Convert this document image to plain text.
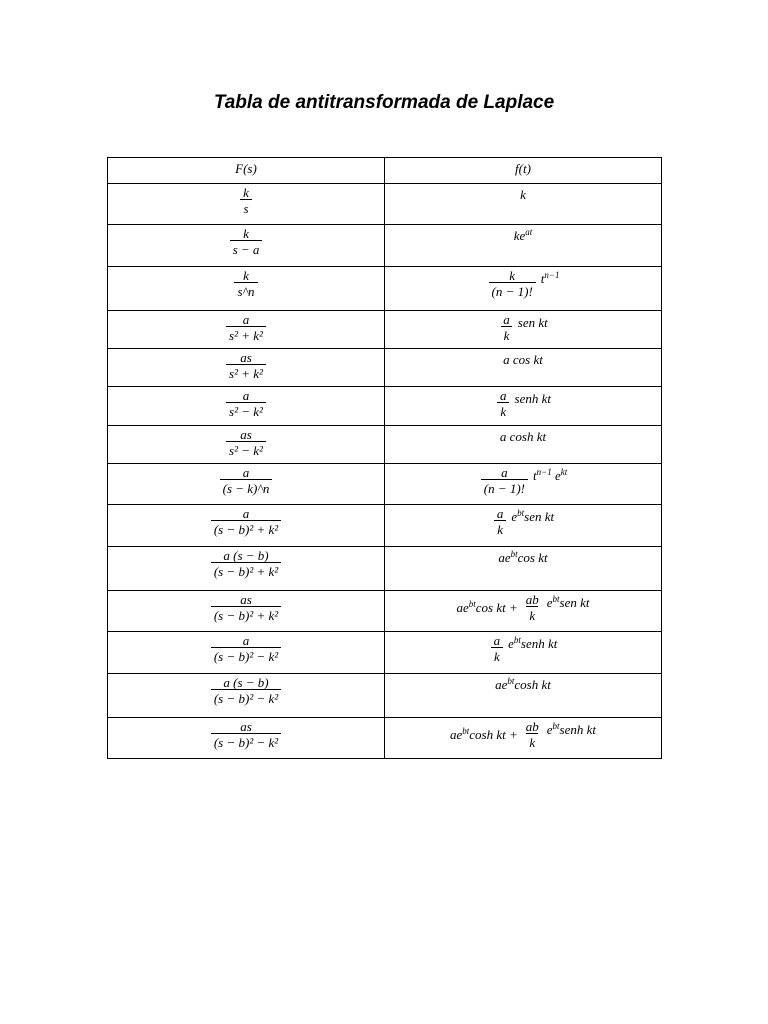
Tabla de antitransformada de Laplace
F(s)	f(t)

$\frac{k}{s}$	k

$\frac{k}{s - a}$	$ke^{at}$

$\frac{k}{s\^{}n}$	$\frac{k}{(n - 1)!} t^{n-1}$

$\frac{a}{\text{s² + k²}}$	$\frac{a}{k}$ sen kt

$\frac{as}{\text{s² + k²}}$	a cos kt

$\frac{a}{\text{s² − k²}}$	$\frac{a}{k}$ senh kt

$\frac{as}{\text{s² − k²}}$	a cosh kt

$\frac{a}{(s - k)\^{}n}$	$\frac{a}{(n - 1)!} t^{n-1}$ $e^{kt}$

$\frac{a}{\text{(s − b)² + k²}}$	$\frac{a}{k} e^{bt}sen$ kt

$\frac{a (s - b)}{\text{(s − b)² + k²}}$	$ae^{bt}\cos$ kt

$\frac{as}{\text{(s − b)² + k²}}$	$ae^{bt}\cos$ kt + $\frac{ab}{k} e^{bt}sen$ kt

$\frac{a}{\text{(s − b)² − k²}}$	$\frac{a}{k}$ $e^{bt}senh$ kt

$\frac{a (s - b)}{\text{(s − b)² − k²}}$	$ae^{bt}\cosh$ kt

$\frac{as}{\text{(s − b)² − k²}}$	$ae^{bt}\cosh$ kt + $\frac{ab}{k}$ $e^{bt}senh$ kt
